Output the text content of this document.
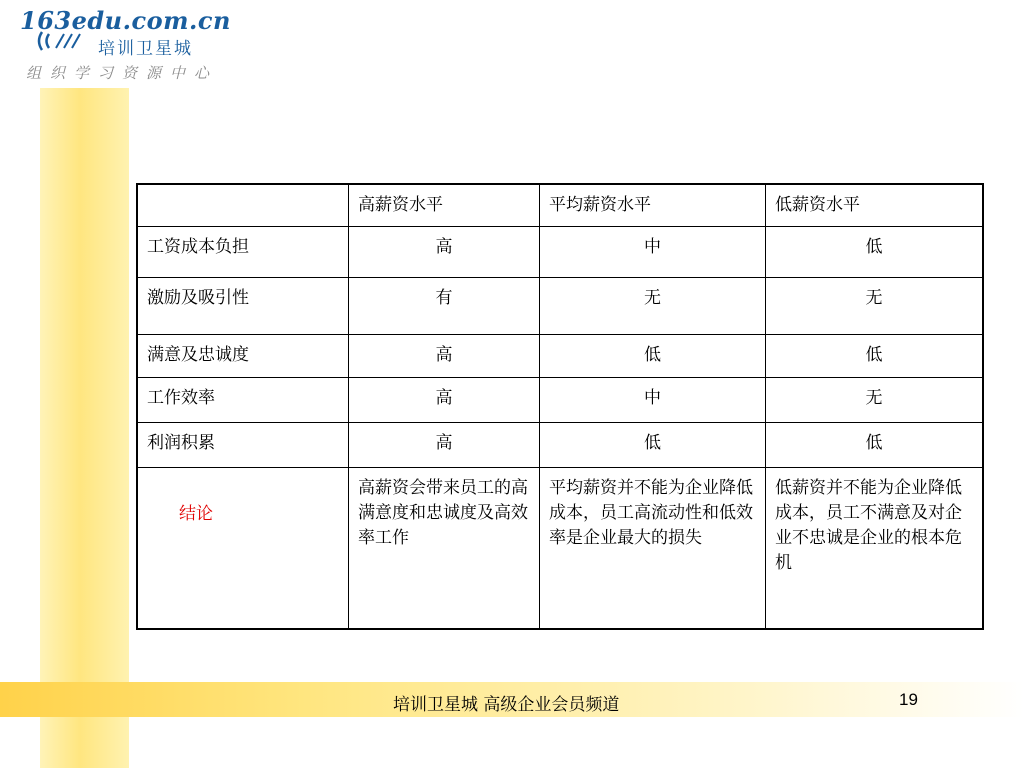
163edu.com.cn
培训卫星城
组织学习资源中心
	高薪资水平	平均薪资水平	低薪资水平
工资成本负担	高	中	低
激励及吸引性	有	无	无
满意及忠诚度	高	低	低
工作效率	高	中	无
利润积累	高	低	低

结论	高薪资会带来员工的高满意度和忠诚度及高效率工作	平均薪资并不能为企业降低成本，员工高流动性和低效率是企业最大的损失	低薪资并不能为企业降低成本，员工不满意及对企业不忠诚是企业的根本危机
培训卫星城 高级企业会员频道	19
